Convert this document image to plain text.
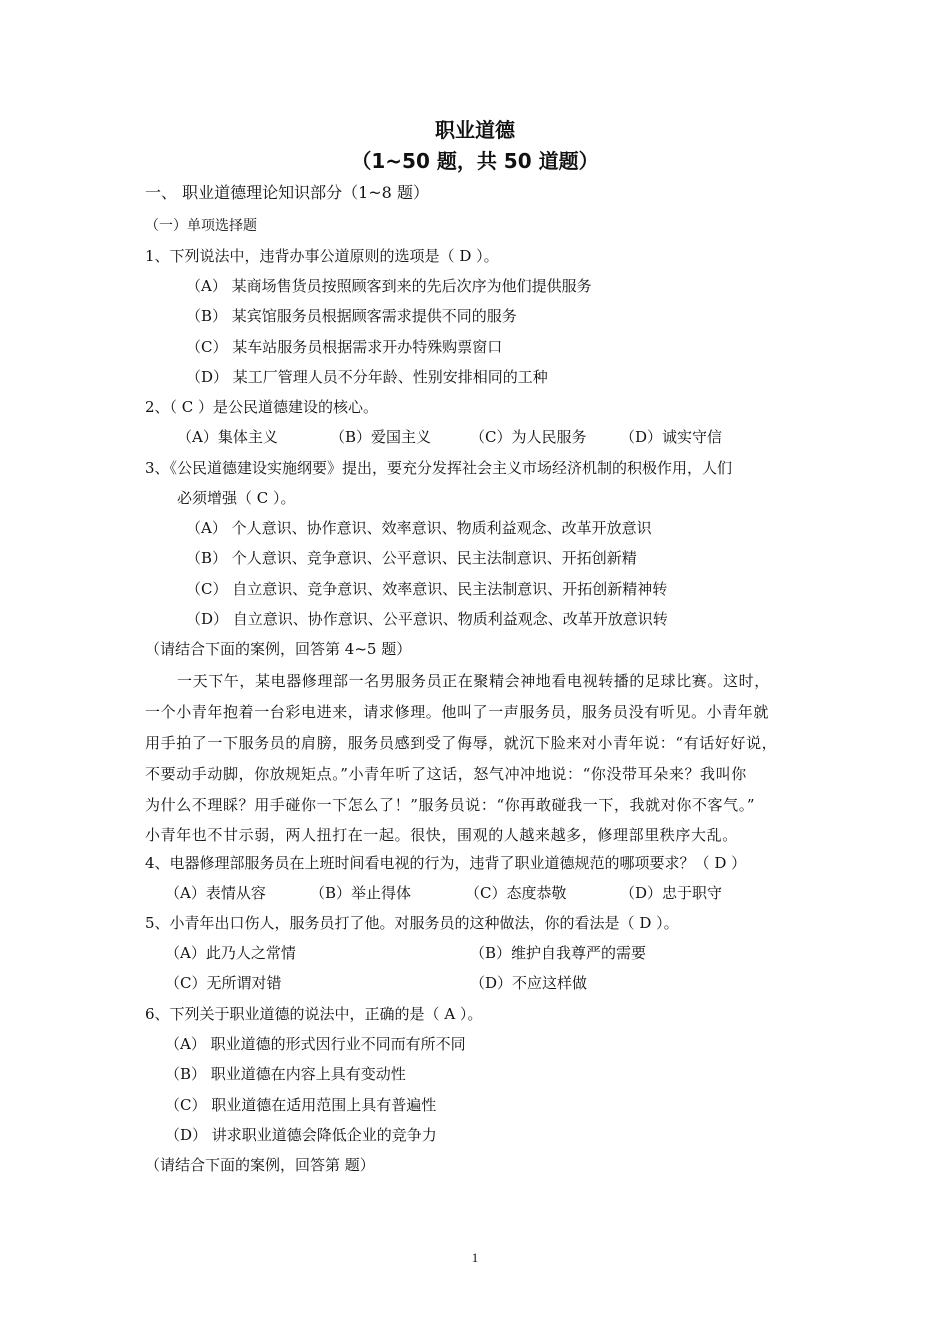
职业道德
（1~50 题，共 50 道题）
一、 职业道德理论知识部分（1~8 题）
（一）单项选择题
1、下列说法中，违背办事公道原则的选项是（ D ）。
（A） 某商场售货员按照顾客到来的先后次序为他们提供服务
（B） 某宾馆服务员根据顾客需求提供不同的服务
（C） 某车站服务员根据需求开办特殊购票窗口
（D） 某工厂管理人员不分年龄、性别安排相同的工种
2、（ C ）是公民道德建设的核心。
（A）集体主义	（B）爱国主义	（C）为人民服务 （D）诚实守信
3、《公民道德建设实施纲要》提出，要充分发挥社会主义市场经济机制的积极作用，人们
必须增强（ C ）。
（A） 个人意识、协作意识、效率意识、物质利益观念、改革开放意识
（B） 个人意识、竞争意识、公平意识、民主法制意识、开拓创新精
（C） 自立意识、竞争意识、效率意识、民主法制意识、开拓创新精神转
（D） 自立意识、协作意识、公平意识、物质利益观念、改革开放意识转
（请结合下面的案例，回答第 4~5 题）
一天下午，某电器修理部一名男服务员正在聚精会神地看电视转播的足球比赛。这时，
一个小青年抱着一台彩电进来，请求修理。他叫了一声服务员，服务员没有听见。小青年就
用手拍了一下服务员的肩膀，服务员感到受了侮辱，就沉下脸来对小青年说：“有话好好说，
不要动手动脚，你放规矩点。”小青年听了这话，怒气冲冲地说：“你没带耳朵来？我叫你
为什么不理睬？用手碰你一下怎么了！”服务员说：“你再敢碰我一下，我就对你不客气。”
小青年也不甘示弱，两人扭打在一起。很快，围观的人越来越多，修理部里秩序大乱。
4、电器修理部服务员在上班时间看电视的行为，违背了职业道德规范的哪项要求？（ D ）
（A）表情从容	（B）举止得体	（C）态度恭敬	（D）忠于职守
5、小青年出口伤人，服务员打了他。对服务员的这种做法，你的看法是（ D ）。
（A）此乃人之常情	（B）维护自我尊严的需要
（C）无所谓对错	（D）不应这样做
6、下列关于职业道德的说法中，正确的是（ A ）。
（A） 职业道德的形式因行业不同而有所不同
（B） 职业道德在内容上具有变动性
（C） 职业道德在适用范围上具有普遍性
（D） 讲求职业道德会降低企业的竞争力
（请结合下面的案例，回答第 题）
1
